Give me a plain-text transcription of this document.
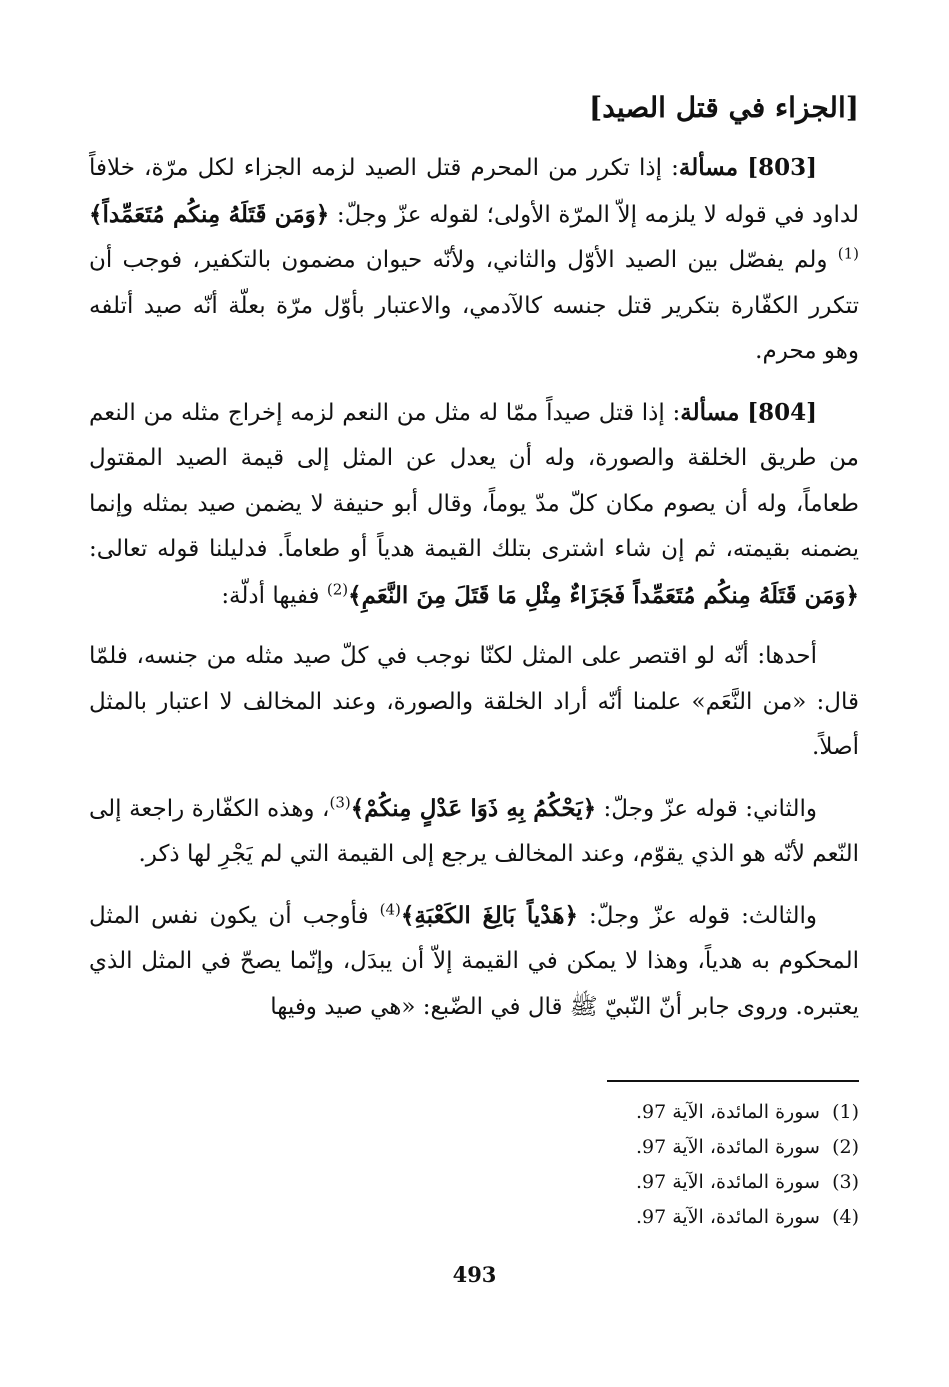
[الجزاء في قتل الصيد]

[803] مسألة: إذا تكرر من المحرم قتل الصيد لزمه الجزاء لكل مرّة، خلافاً لداود في قوله لا يلزمه إلاّ المرّة الأولى؛ لقوله عزّ وجلّ: ﴿وَمَن قَتَلَهُ مِنكُم مُتَعَمِّداً﴾$^{(1)}$ ولم يفصّل بين الصيد الأوّل والثاني، ولأنّه حيوان مضمون بالتكفير، فوجب أن تتكرر الكفّارة بتكرير قتل جنسه كالآدمي، والاعتبار بأوّل مرّة بعلّة أنّه صيد أتلفه وهو محرم.

[804] مسألة: إذا قتل صيداً ممّا له مثل من النعم لزمه إخراج مثله من النعم من طريق الخلقة والصورة، وله أن يعدل عن المثل إلى قيمة الصيد المقتول طعاماً، وله أن يصوم مكان كلّ مدّ يوماً، وقال أبو حنيفة لا يضمن صيد بمثله وإنما يضمنه بقيمته، ثم إن شاء اشترى بتلك القيمة هدياً أو طعاماً. فدليلنا قوله تعالى: ﴿وَمَن قَتَلَهُ مِنكُم مُتَعَمِّداً فَجَزَاءٌ مِثْلِ مَا قَتَلَ مِنَ النَّعَمِ﴾$^{(2)}$ ففيها أدلّة:

أحدها: أنّه لو اقتصر على المثل لكنّا نوجب في كلّ صيد مثله من جنسه، فلمّا قال: «من النَّعَم» علمنا أنّه أراد الخلقة والصورة، وعند المخالف لا اعتبار بالمثل أصلاً.

والثاني: قوله عزّ وجلّ: ﴿يَحْكُمُ بِهِ ذَوَا عَدْلٍ مِنكُمْ﴾$^{(3)}$، وهذه الكفّارة راجعة إلى النّعم لأنّه هو الذي يقوّم، وعند المخالف يرجع إلى القيمة التي لم يَجْرِ لها ذكر.

والثالث: قوله عزّ وجلّ: ﴿هَدْياً بَالِغَ الكَعْبَةِ﴾$^{(4)}$ فأوجب أن يكون نفس المثل المحكوم به هدياً، وهذا لا يمكن في القيمة إلاّ أن يبدَل، وإنّما يصحّ في المثل الذي يعتبره. وروى جابر أنّ النّبيّ ﷺ قال في الضّبع: «هي صيد وفيها

(1)  سورة المائدة، الآية 97.
(2)  سورة المائدة، الآية 97.
(3)  سورة المائدة، الآية 97.
(4)  سورة المائدة، الآية 97.
493
